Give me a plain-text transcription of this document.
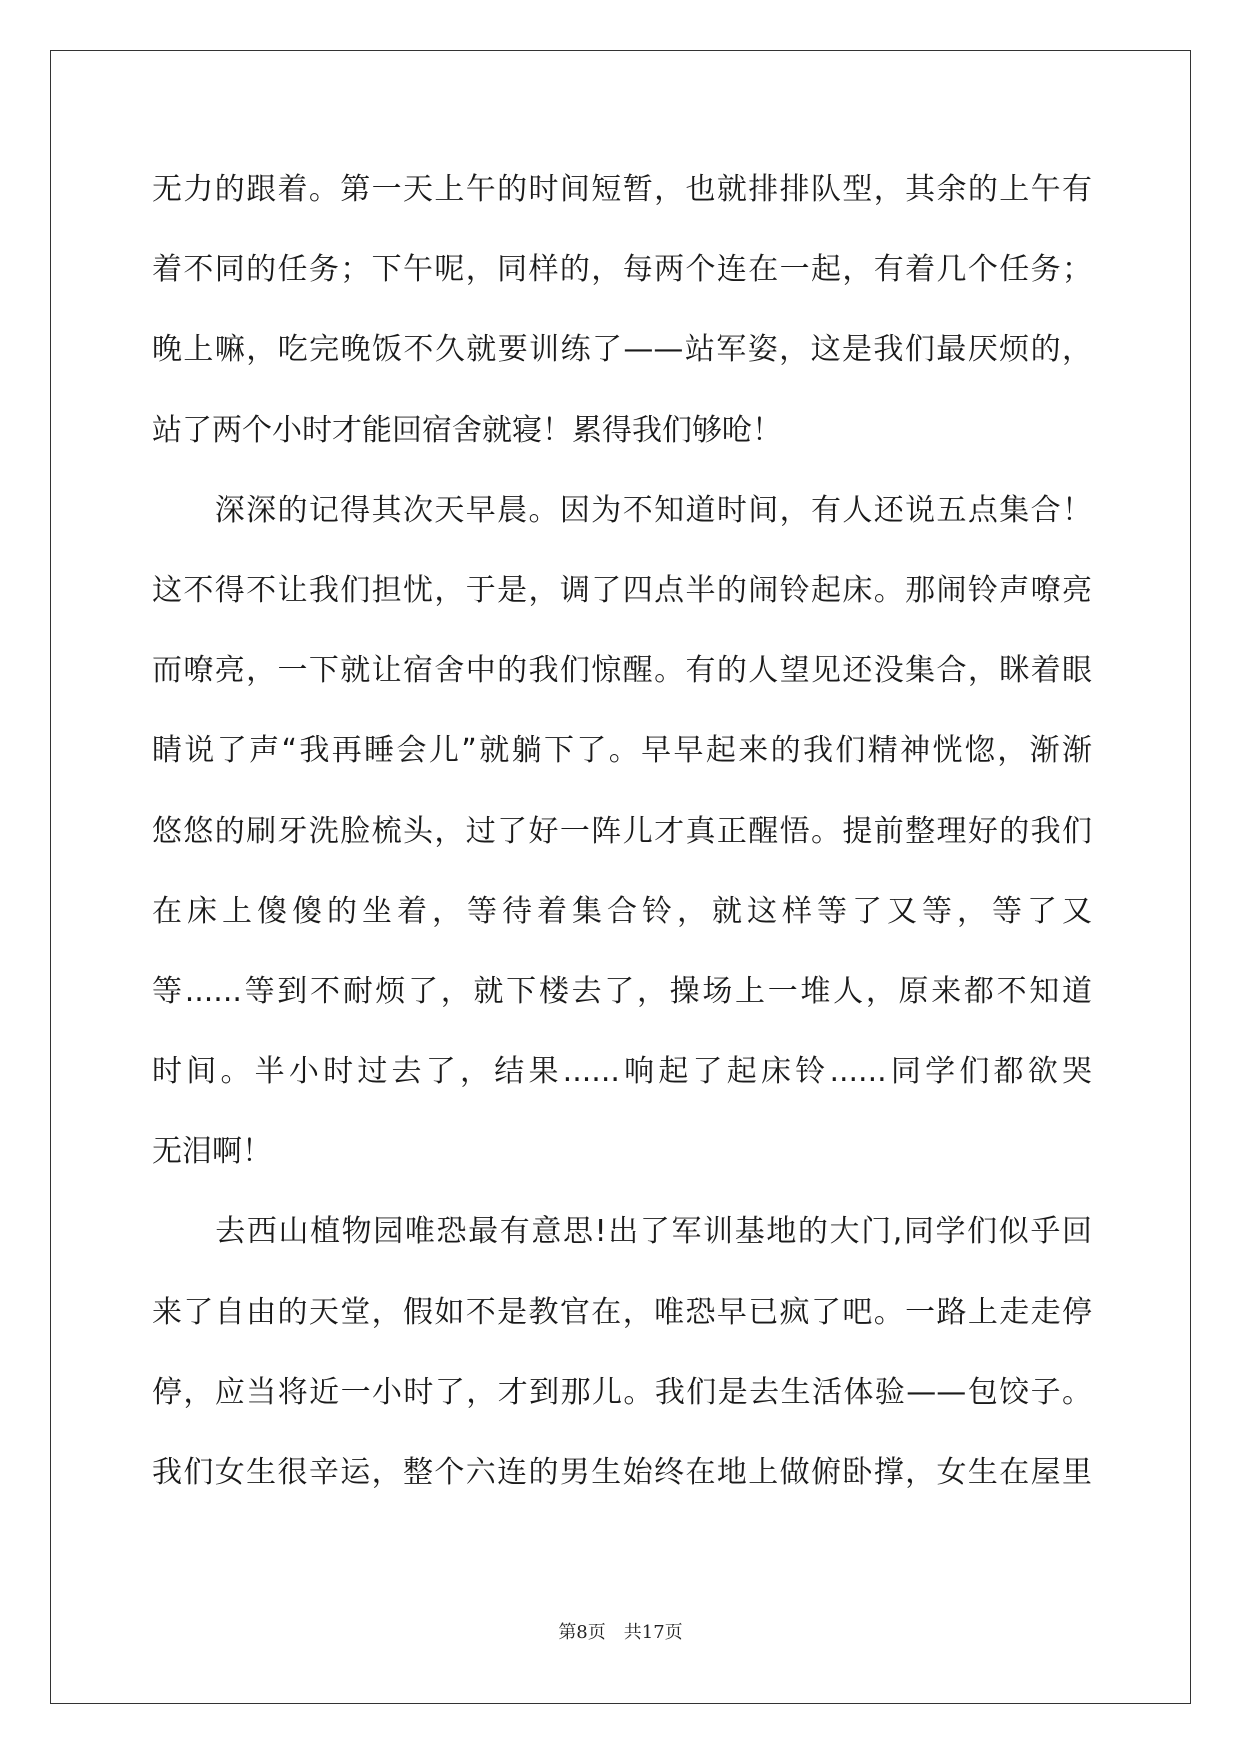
无力的跟着。第一天上午的时间短暂，也就排排队型，其余的上午有
着不同的任务；下午呢，同样的，每两个连在一起，有着几个任务；
晚上嘛，吃完晚饭不久就要训练了——站军姿，这是我们最厌烦的，
站了两个小时才能回宿舍就寝！累得我们够呛！
　　深深的记得其次天早晨。因为不知道时间，有人还说五点集合！
这不得不让我们担忧，于是，调了四点半的闹铃起床。那闹铃声嘹亮
而嘹亮，一下就让宿舍中的我们惊醒。有的人望见还没集合，眯着眼
睛说了声“我再睡会儿”就躺下了。早早起来的我们精神恍惚，渐渐
悠悠的刷牙洗脸梳头，过了好一阵儿才真正醒悟。提前整理好的我们
在床上傻傻的坐着，等待着集合铃，就这样等了又等，等了又
等......等到不耐烦了，就下楼去了，操场上一堆人，原来都不知道
时间。半小时过去了，结果......响起了起床铃......同学们都欲哭
无泪啊！
　　去西山植物园唯恐最有意思!出了军训基地的大门,同学们似乎回
来了自由的天堂，假如不是教官在，唯恐早已疯了吧。一路上走走停
停，应当将近一小时了，才到那儿。我们是去生活体验——包饺子。
我们女生很辛运，整个六连的男生始终在地上做俯卧撑，女生在屋里
第8页　共17页
